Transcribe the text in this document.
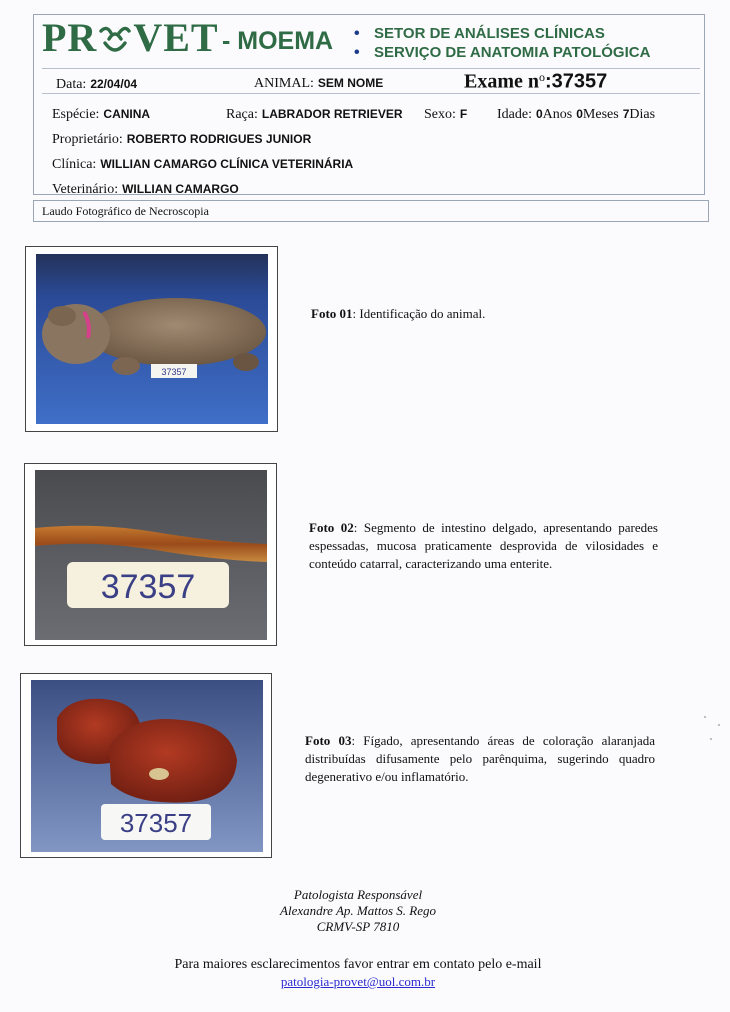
PR VET - MOEMA • SETOR DE ANÁLISES CLÍNICAS
• SERVIÇO DE ANATOMIA PATOLÓGICA
Data: 22/04/04	ANIMAL: SEM NOME	Exame $n^o:37357$
Espécie: CANINA	Raça: LABRADOR RETRIEVER Sexo: F Idade: 0Anos 0Meses 7Dias
Proprietário: ROBERTO RODRIGUES JUNIOR
Clínica: WILLIAN CAMARGO CLÍNICA VETERINÁRIA
Veterinário: WILLIAN CAMARGO
Laudo Fotográfico de Necroscopia
37357
Foto 01: Identificação do animal.
37357
Foto 02: Segmento de intestino delgado, apresentando paredes espessadas, mucosa praticamente desprovida de vilosidades e conteúdo catarral, caracterizando uma enterite.
37357
Foto 03: Fígado, apresentando áreas de coloração alaranjada distribuídas difusamente pelo parênquima, sugerindo quadro degenerativo e/ou inflamatório.
Patologista Responsável
Alexandre Ap. Mattos S. Rego
CRMV-SP 7810
Para maiores esclarecimentos favor entrar em contato pelo e-mail
patologia-provet@uol.com.br
